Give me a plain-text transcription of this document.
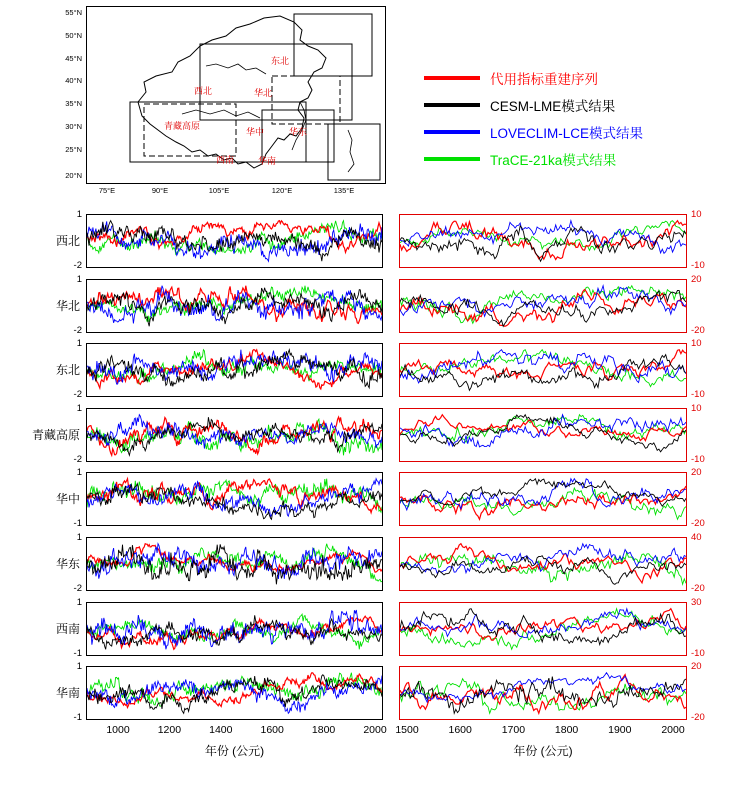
55°N
50°N
45°N
40°N
35°N
30°N
25°N
20°N
75°E	90°E	105°E	120°E	135°E
东北
西北	华北
青藏高原
华中	华东
西南	华南
代用指标重建序列
CESM-LME模式结果
LOVECLIM-LCE模式结果
TraCE-21ka模式结果
西北
1
-2
10
-10
华北
1
-2
20
-20
东北
1
-2
10
-10
青藏高原
1
-2
10
-10
华中
1
-1
20
-20
华东
1
-2
40
-20
西南
1
-1
30
-10
华南
1
-1
20
-20
1000	1200	1400	1600	1800	2000 1500	1600	1700	1800	1900	2000
年份 (公元)	年份 (公元)
